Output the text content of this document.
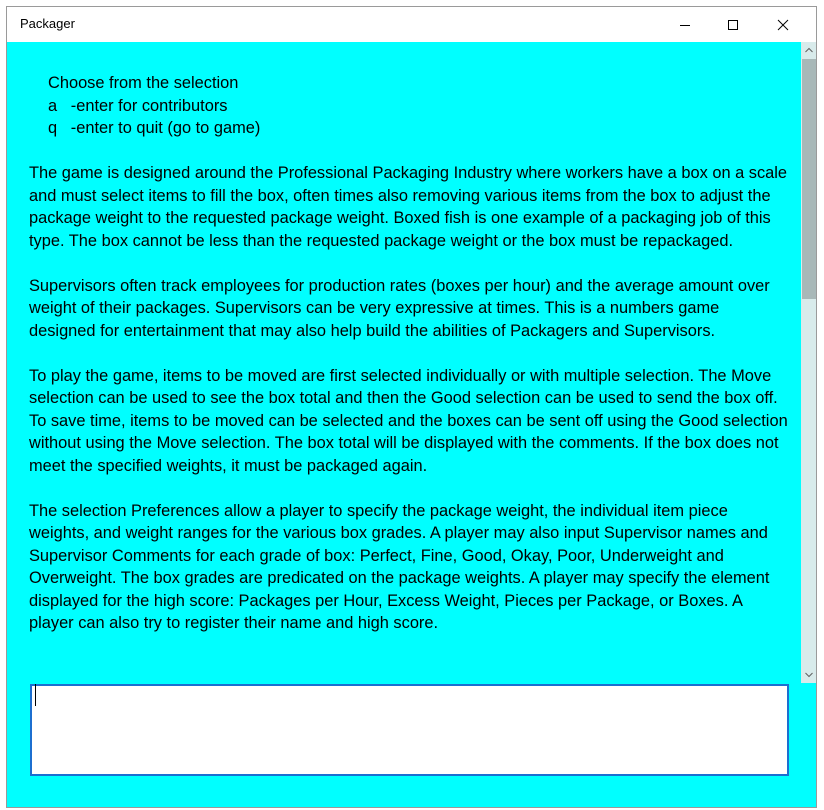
Packager
Choose from the selection
a -enter for contributors
q -enter to quit (go to game)

The game is designed around the Professional Packaging Industry where workers have a box on a scale and must select items to fill the box, often times also removing various items from the box to adjust the package weight to the requested package weight. Boxed fish is one example of a packaging job of this type. The box cannot be less than the requested package weight or the box must be repackaged.

Supervisors often track employees for production rates (boxes per hour) and the average amount over weight of their packages. Supervisors can be very expressive at times. This is a numbers game designed for entertainment that may also help build the abilities of Packagers and Supervisors.

To play the game, items to be moved are first selected individually or with multiple selection. The Move selection can be used to see the box total and then the Good selection can be used to send the box off. To save time, items to be moved can be selected and the boxes can be sent off using the Good selection without using the Move selection. The box total will be displayed with the comments. If the box does not meet the specified weights, it must be packaged again.

The selection Preferences allow a player to specify the package weight, the individual item piece weights, and weight ranges for the various box grades. A player may also input Supervisor names and Supervisor Comments for each grade of box: Perfect, Fine, Good, Okay, Poor, Underweight and Overweight. The box grades are predicated on the package weights. A player may specify the element displayed for the high score: Packages per Hour, Excess Weight, Pieces per Package, or Boxes. A player can also try to register their name and high score.
